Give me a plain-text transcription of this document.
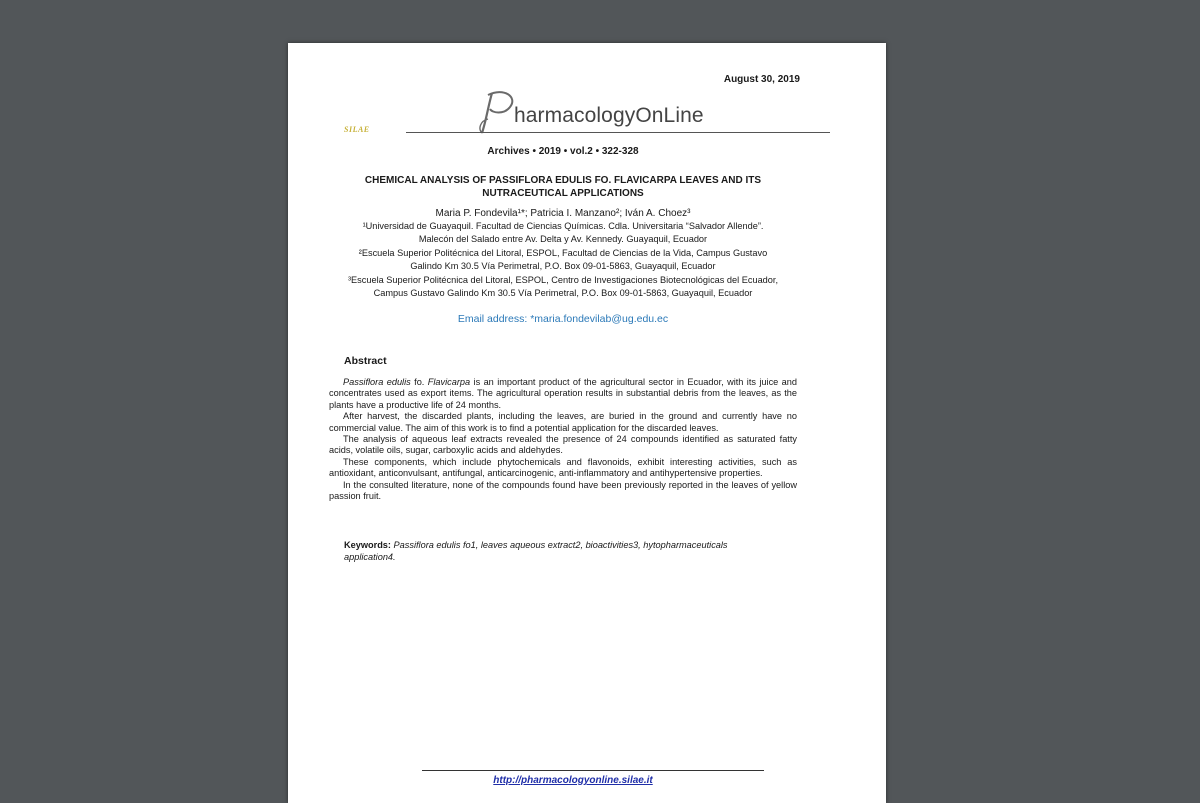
August 30, 2019
SILAE
harmacologyOnLine
Archives • 2019 • vol.2 • 322-328
CHEMICAL ANALYSIS OF PASSIFLORA EDULIS FO. FLAVICARPA LEAVES AND ITS
NUTRACEUTICAL APPLICATIONS
Maria P. Fondevila¹*; Patricia I. Manzano²; Iván A. Choez³
¹Universidad de Guayaquil. Facultad de Ciencias Químicas. Cdla. Universitaria “Salvador Allende”.
Malecón del Salado entre Av. Delta y Av. Kennedy. Guayaquil, Ecuador
²Escuela Superior Politécnica del Litoral, ESPOL, Facultad de Ciencias de la Vida, Campus Gustavo
Galindo Km 30.5 Vía Perimetral, P.O. Box 09-01-5863, Guayaquil, Ecuador
³Escuela Superior Politécnica del Litoral, ESPOL, Centro de Investigaciones Biotecnológicas del Ecuador,
Campus Gustavo Galindo Km 30.5 Vía Perimetral, P.O. Box 09-01-5863, Guayaquil, Ecuador
Email address: *maria.fondevilab@ug.edu.ec
Abstract

Passiflora edulis fo. Flavicarpa is an important product of the agricultural sector in Ecuador, with its juice and concentrates used as export items. The agricultural operation results in substantial debris from the leaves, as the plants have a productive life of 24 months.

After harvest, the discarded plants, including the leaves, are buried in the ground and currently have no commercial value. The aim of this work is to find a potential application for the discarded leaves.

The analysis of aqueous leaf extracts revealed the presence of 24 compounds identified as saturated fatty acids, volatile oils, sugar, carboxylic acids and aldehydes.

These components, which include phytochemicals and flavonoids, exhibit interesting activities, such as antioxidant, anticonvulsant, antifungal, anticarcinogenic, anti-inflammatory and antihypertensive properties.

In the consulted literature, none of the compounds found have been previously reported in the leaves of yellow passion fruit.

Keywords: Passiflora edulis fo1, leaves aqueous extract2, bioactivities3, hytopharmaceuticals application4.
http://pharmacologyonline.silae.it
